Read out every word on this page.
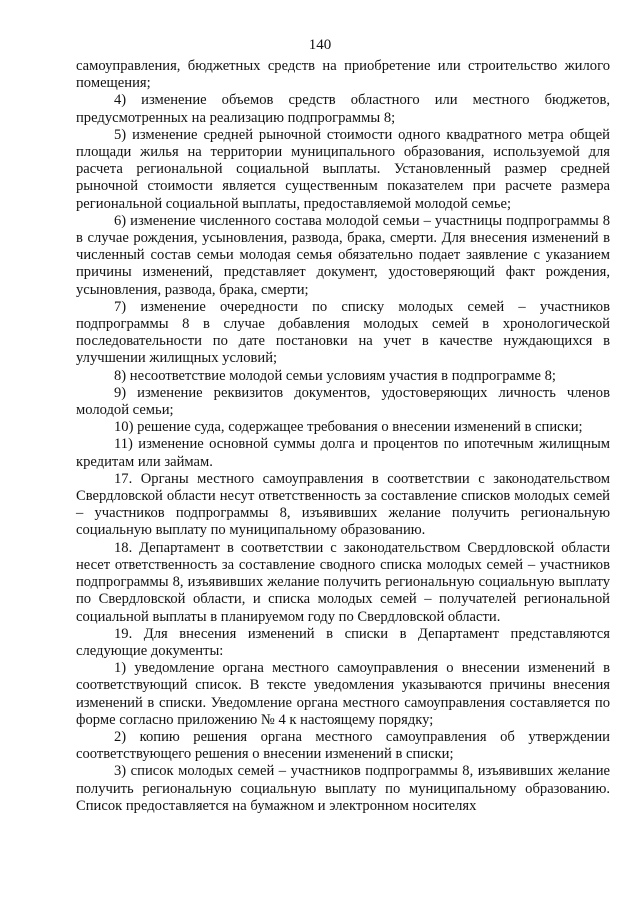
140

самоуправления, бюджетных средств на приобретение или строительство жилого помещения;

4) изменение объемов средств областного или местного бюджетов, предусмотренных на реализацию подпрограммы 8;

5) изменение средней рыночной стоимости одного квадратного метра общей площади жилья на территории муниципального образования, используемой для расчета региональной социальной выплаты. Установленный размер средней рыночной стоимости является существенным показателем при расчете размера региональной социальной выплаты, предоставляемой молодой семье;

6) изменение численного состава молодой семьи – участницы подпрограммы 8 в случае рождения, усыновления, развода, брака, смерти. Для внесения изменений в численный состав семьи молодая семья обязательно подает заявление с указанием причины изменений, представляет документ, удостоверяющий факт рождения, усыновления, развода, брака, смерти;

7) изменение очередности по списку молодых семей – участников подпрограммы 8 в случае добавления молодых семей в хронологической последовательности по дате постановки на учет в качестве нуждающихся в улучшении жилищных условий;

8) несоответствие молодой семьи условиям участия в подпрограмме 8;

9) изменение реквизитов документов, удостоверяющих личность членов молодой семьи;

10) решение суда, содержащее требования о внесении изменений в списки;

11) изменение основной суммы долга и процентов по ипотечным жилищным кредитам или займам.

17. Органы местного самоуправления в соответствии с законодательством Свердловской области несут ответственность за составление списков молодых семей – участников подпрограммы 8, изъявивших желание получить региональную социальную выплату по муниципальному образованию.

18. Департамент в соответствии с законодательством Свердловской области несет ответственность за составление сводного списка молодых семей – участников подпрограммы 8, изъявивших желание получить региональную социальную выплату по Свердловской области, и списка молодых семей – получателей региональной социальной выплаты в планируемом году по Свердловской области.

19. Для внесения изменений в списки в Департамент представляются следующие документы:

1) уведомление органа местного самоуправления о внесении изменений в соответствующий список. В тексте уведомления указываются причины внесения изменений в списки. Уведомление органа местного самоуправления составляется по форме согласно приложению № 4 к настоящему порядку;

2) копию решения органа местного самоуправления об утверждении соответствующего решения о внесении изменений в списки;

3) список молодых семей – участников подпрограммы 8, изъявивших желание получить региональную социальную выплату по муниципальному образованию. Список предоставляется на бумажном и электронном носителях
